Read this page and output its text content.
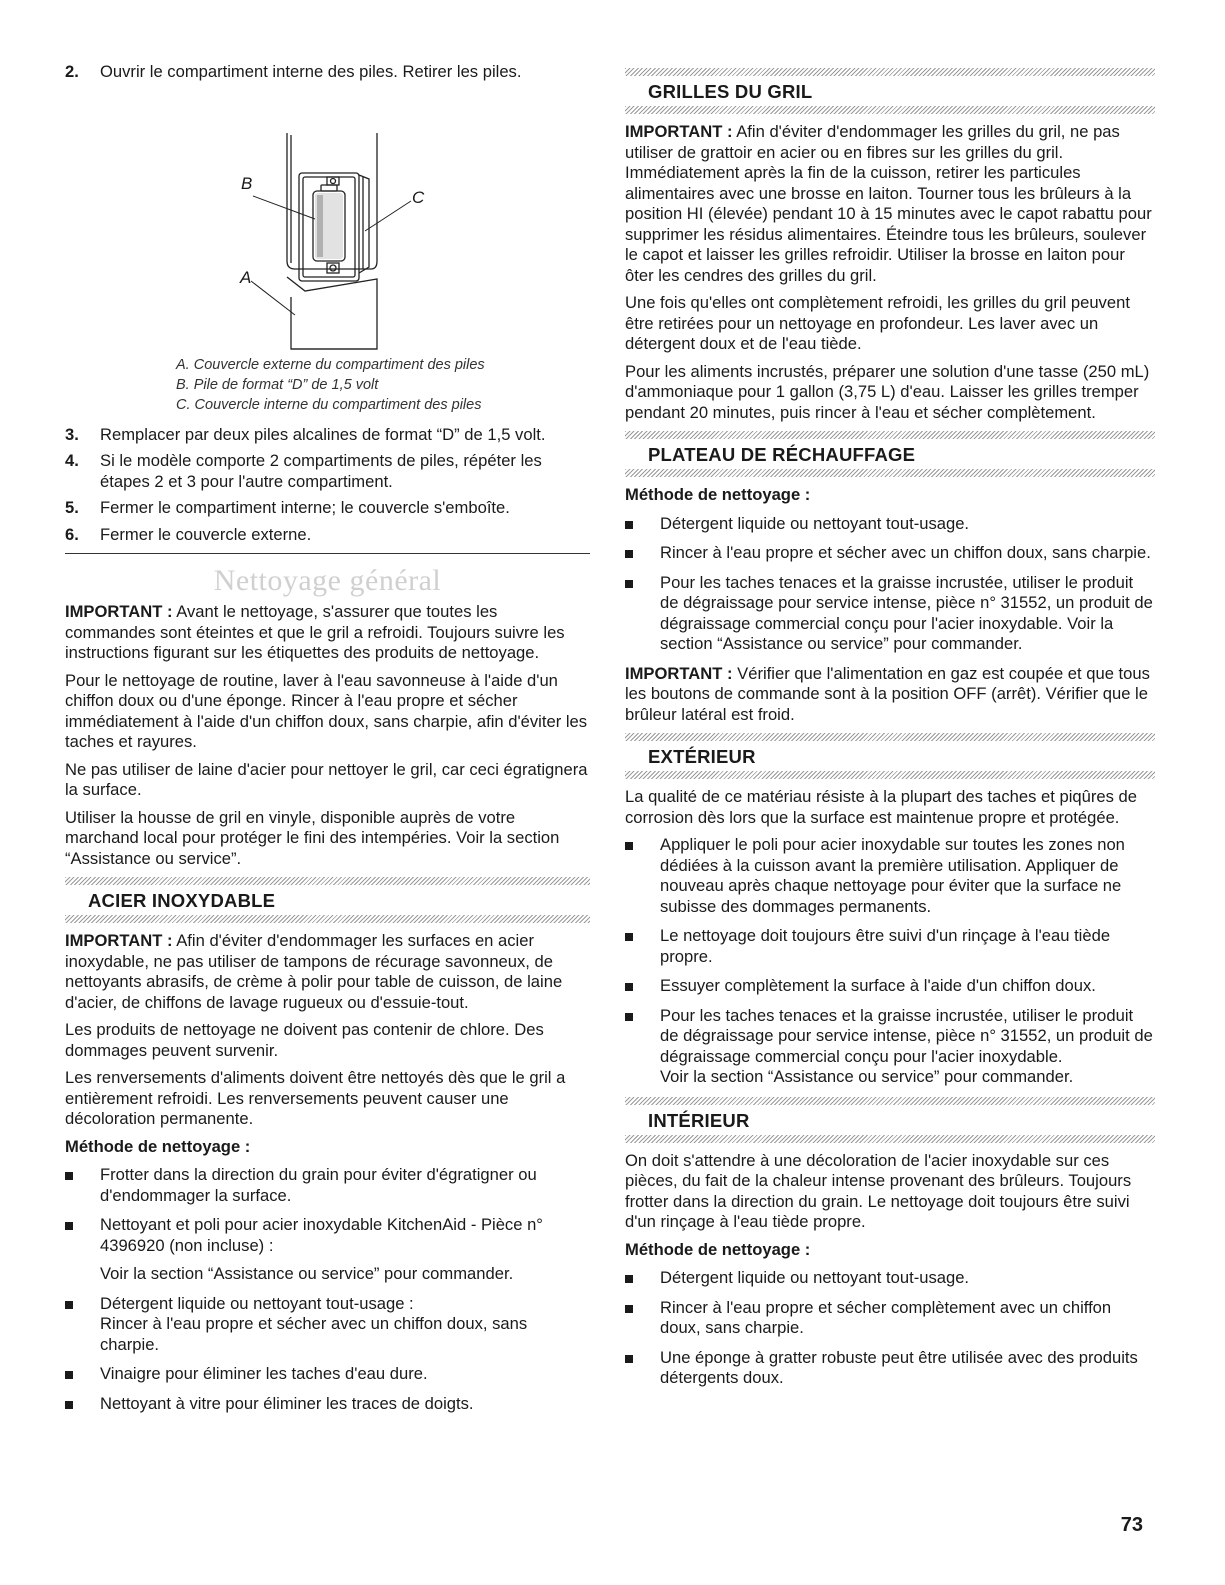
2. Ouvrir le compartiment interne des piles. Retirer les piles.
B
C
A
A. Couvercle externe du compartiment des piles
B. Pile de format “D” de 1,5 volt
C. Couvercle interne du compartiment des piles
3. Remplacer par deux piles alcalines de format “D” de 1,5 volt.
4. Si le modèle comporte 2 compartiments de piles, répéter les étapes 2 et 3 pour l'autre compartiment.
5. Fermer le compartiment interne; le couvercle s'emboîte.
6. Fermer le couvercle externe.
Nettoyage général

IMPORTANT : Avant le nettoyage, s'assurer que toutes les commandes sont éteintes et que le gril a refroidi. Toujours suivre les instructions figurant sur les étiquettes des produits de nettoyage.

Pour le nettoyage de routine, laver à l'eau savonneuse à l'aide d'un chiffon doux ou d'une éponge. Rincer à l'eau propre et sécher immédiatement à l'aide d'un chiffon doux, sans charpie, afin d'éviter les taches et rayures.

Ne pas utiliser de laine d'acier pour nettoyer le gril, car ceci égratignera la surface.

Utiliser la housse de gril en vinyle, disponible auprès de votre marchand local pour protéger le fini des intempéries. Voir la section “Assistance ou service”.

ACIER INOXYDABLE

IMPORTANT : Afin d'éviter d'endommager les surfaces en acier inoxydable, ne pas utiliser de tampons de récurage savonneux, de nettoyants abrasifs, de crème à polir pour table de cuisson, de laine d'acier, de chiffons de lavage rugueux ou d'essuie-tout.

Les produits de nettoyage ne doivent pas contenir de chlore. Des dommages peuvent survenir.

Les renversements d'aliments doivent être nettoyés dès que le gril a entièrement refroidi. Les renversements peuvent causer une décoloration permanente.

Méthode de nettoyage :
Frotter dans la direction du grain pour éviter d'égratigner ou d'endommager la surface.
Nettoyant et poli pour acier inoxydable KitchenAid - Pièce n° 4396920 (non incluse) :
Voir la section “Assistance ou service” pour commander.
Détergent liquide ou nettoyant tout-usage :
Rincer à l'eau propre et sécher avec un chiffon doux, sans charpie.
Vinaigre pour éliminer les taches d'eau dure.
Nettoyant à vitre pour éliminer les traces de doigts.
GRILLES DU GRIL

IMPORTANT : Afin d'éviter d'endommager les grilles du gril, ne pas utiliser de grattoir en acier ou en fibres sur les grilles du gril. Immédiatement après la fin de la cuisson, retirer les particules alimentaires avec une brosse en laiton. Tourner tous les brûleurs à la position HI (élevée) pendant 10 à 15 minutes avec le capot rabattu pour supprimer les résidus alimentaires. Éteindre tous les brûleurs, soulever le capot et laisser les grilles refroidir. Utiliser la brosse en laiton pour ôter les cendres des grilles du gril.

Une fois qu'elles ont complètement refroidi, les grilles du gril peuvent être retirées pour un nettoyage en profondeur. Les laver avec un détergent doux et de l'eau tiède.

Pour les aliments incrustés, préparer une solution d'une tasse (250 mL) d'ammoniaque pour 1 gallon (3,75 L) d'eau. Laisser les grilles tremper pendant 20 minutes, puis rincer à l'eau et sécher complètement.

PLATEAU DE RÉCHAUFFAGE
Méthode de nettoyage :
Détergent liquide ou nettoyant tout-usage.
Rincer à l'eau propre et sécher avec un chiffon doux, sans charpie.
Pour les taches tenaces et la graisse incrustée, utiliser le produit de dégraissage pour service intense, pièce n° 31552, un produit de dégraissage commercial conçu pour l'acier inoxydable. Voir la section “Assistance ou service” pour commander.

IMPORTANT : Vérifier que l'alimentation en gaz est coupée et que tous les boutons de commande sont à la position OFF (arrêt). Vérifier que le brûleur latéral est froid.

EXTÉRIEUR

La qualité de ce matériau résiste à la plupart des taches et piqûres de corrosion dès lors que la surface est maintenue propre et protégée.

Appliquer le poli pour acier inoxydable sur toutes les zones non dédiées à la cuisson avant la première utilisation. Appliquer de nouveau après chaque nettoyage pour éviter que la surface ne subisse des dommages permanents.
Le nettoyage doit toujours être suivi d'un rinçage à l'eau tiède propre.
Essuyer complètement la surface à l'aide d'un chiffon doux.
Pour les taches tenaces et la graisse incrustée, utiliser le produit de dégraissage pour service intense, pièce n° 31552, un produit de dégraissage commercial conçu pour l'acier inoxydable.
Voir la section “Assistance ou service” pour commander.
INTÉRIEUR

On doit s'attendre à une décoloration de l'acier inoxydable sur ces pièces, du fait de la chaleur intense provenant des brûleurs. Toujours frotter dans la direction du grain. Le nettoyage doit toujours être suivi d'un rinçage à l'eau tiède propre.

Méthode de nettoyage :
Détergent liquide ou nettoyant tout-usage.
Rincer à l'eau propre et sécher complètement avec un chiffon doux, sans charpie.
Une éponge à gratter robuste peut être utilisée avec des produits détergents doux.
73
